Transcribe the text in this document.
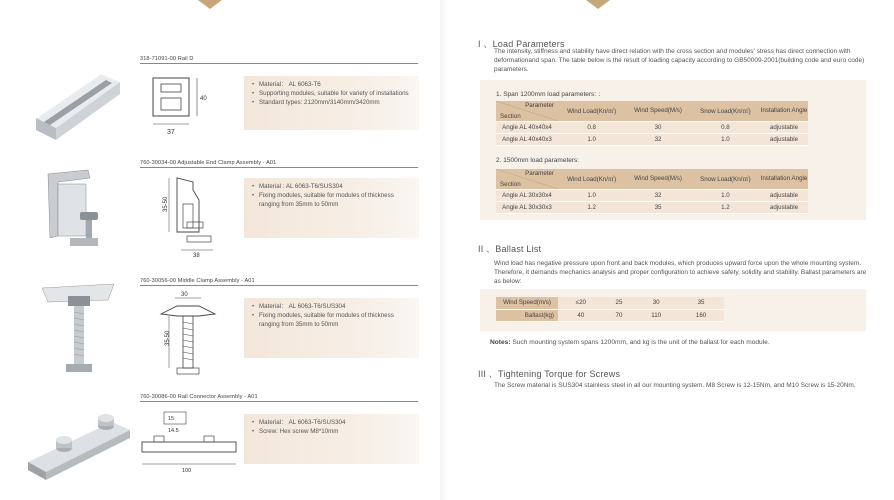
318-71091-00 Rail D
37
40
• Material： AL 6063-T6
• Supporting modules, suitable for variety of installations
• Standard types: 2120mm/3140mm/3420mm
760-30034-00 Adjustable End Clamp Assembly - A01
35-50
38
• Material : AL 6063-T6/SUS304
• Fixing modules, suitable for modules of thickness ranging from 35mm to 50mm
760-30056-00 Middle Clamp Assembly - A01
30
35-50
• Material： AL 6063-T6/SUS304
• Fixing modules, suitable for modules of thickness ranging from 35mm to 50mm
760-30086-00 Rail Connector Assembly - A01
15
14.5
100
• Material： AL 6063-T6/SUS304
• Screw: Hex screw M8*10mm
I 、Load Parameters
The intensity, stiffness and stability have direct relation with the cross section and modules' stress has direct connection with deformationand span. The table below is the result of loading capacity according to GB50009-2001(building code and euro code) parameters.
1. Span 1200mm load parameters: ：
Parameter
Section	Wind Load(Kn/㎡)	Wind Speed(M/s)	Snow Load(Kn/㎡)	Installation Angle
Angle AL 40x40x4	0.8	30	0.8	adjustable
Angle AL 40x40x3	1.0	32	1.0	adjustable
2. 1500mm load parameters:
Parameter
Section	Wind Load(Kn/㎡)	Wind Speed(M/s)	Snow Load(Kn/㎡)	Installation Angle
Angle AL 30x30x4	1.0	32	1.0	adjustable
Angle AL 30x30x3	1.2	35	1.2	adjustable
II 、Ballast List
Wind load has negative pressure upon front and back modules, which produces upward force upon the whole mounting system. Therefore, it demands mechanics analysis and proper configuration to achieve safety, solidity and stability. Ballast parameters are as below:
Wind Speed(m/s)	≤20	25	30	35
Ballast(kg)	40	70	110	160
Notes: Such mounting system spans 1200mm, and kg is the unit of the ballast for each module.
III 、Tightening Torque for Screws
The Screw material is SUS304 stainless steel in all our mounting system. M8 Screw is 12-15Nm, and M10 Screw is 15-20Nm.
